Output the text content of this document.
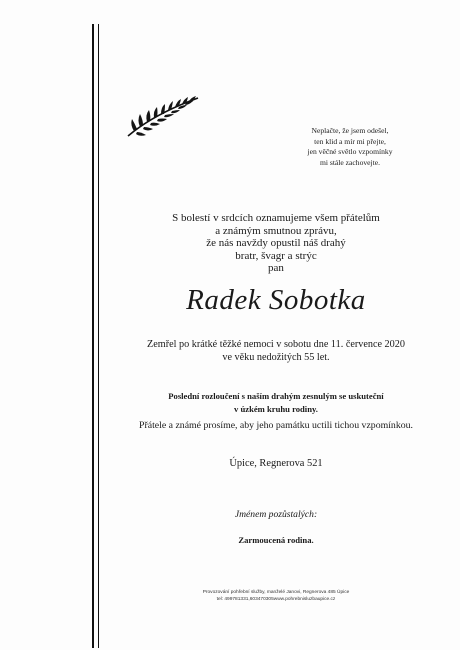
Neplačte, že jsem odešel,
ten klid a mír mi přejte,
jen věčné světlo vzpomínky
mi stále zachovejte.
S bolestí v srdcích oznamujeme všem přátelům
a známým smutnou zprávu,
že nás navždy opustil náš drahý
bratr, švagr a strýc
pan
Radek Sobotka
Zemřel po krátké těžké nemoci v sobotu dne 11. července 2020
ve věku nedožitých 55 let.
Poslední rozloučení s naším drahým zesnulým se uskuteční
v úzkém kruhu rodiny.
Přátele a známé prosíme, aby jeho památku uctili tichou vzpomínkou.
Úpice, Regnerova 521
Jménem pozůstalých:
Zarmoucená rodina.
Provozování pohřební služby, manželé Janovi, Regnerova 485 Úpice
tel: 499781331,603470305www.pohrebnisluzbaupice.cz
